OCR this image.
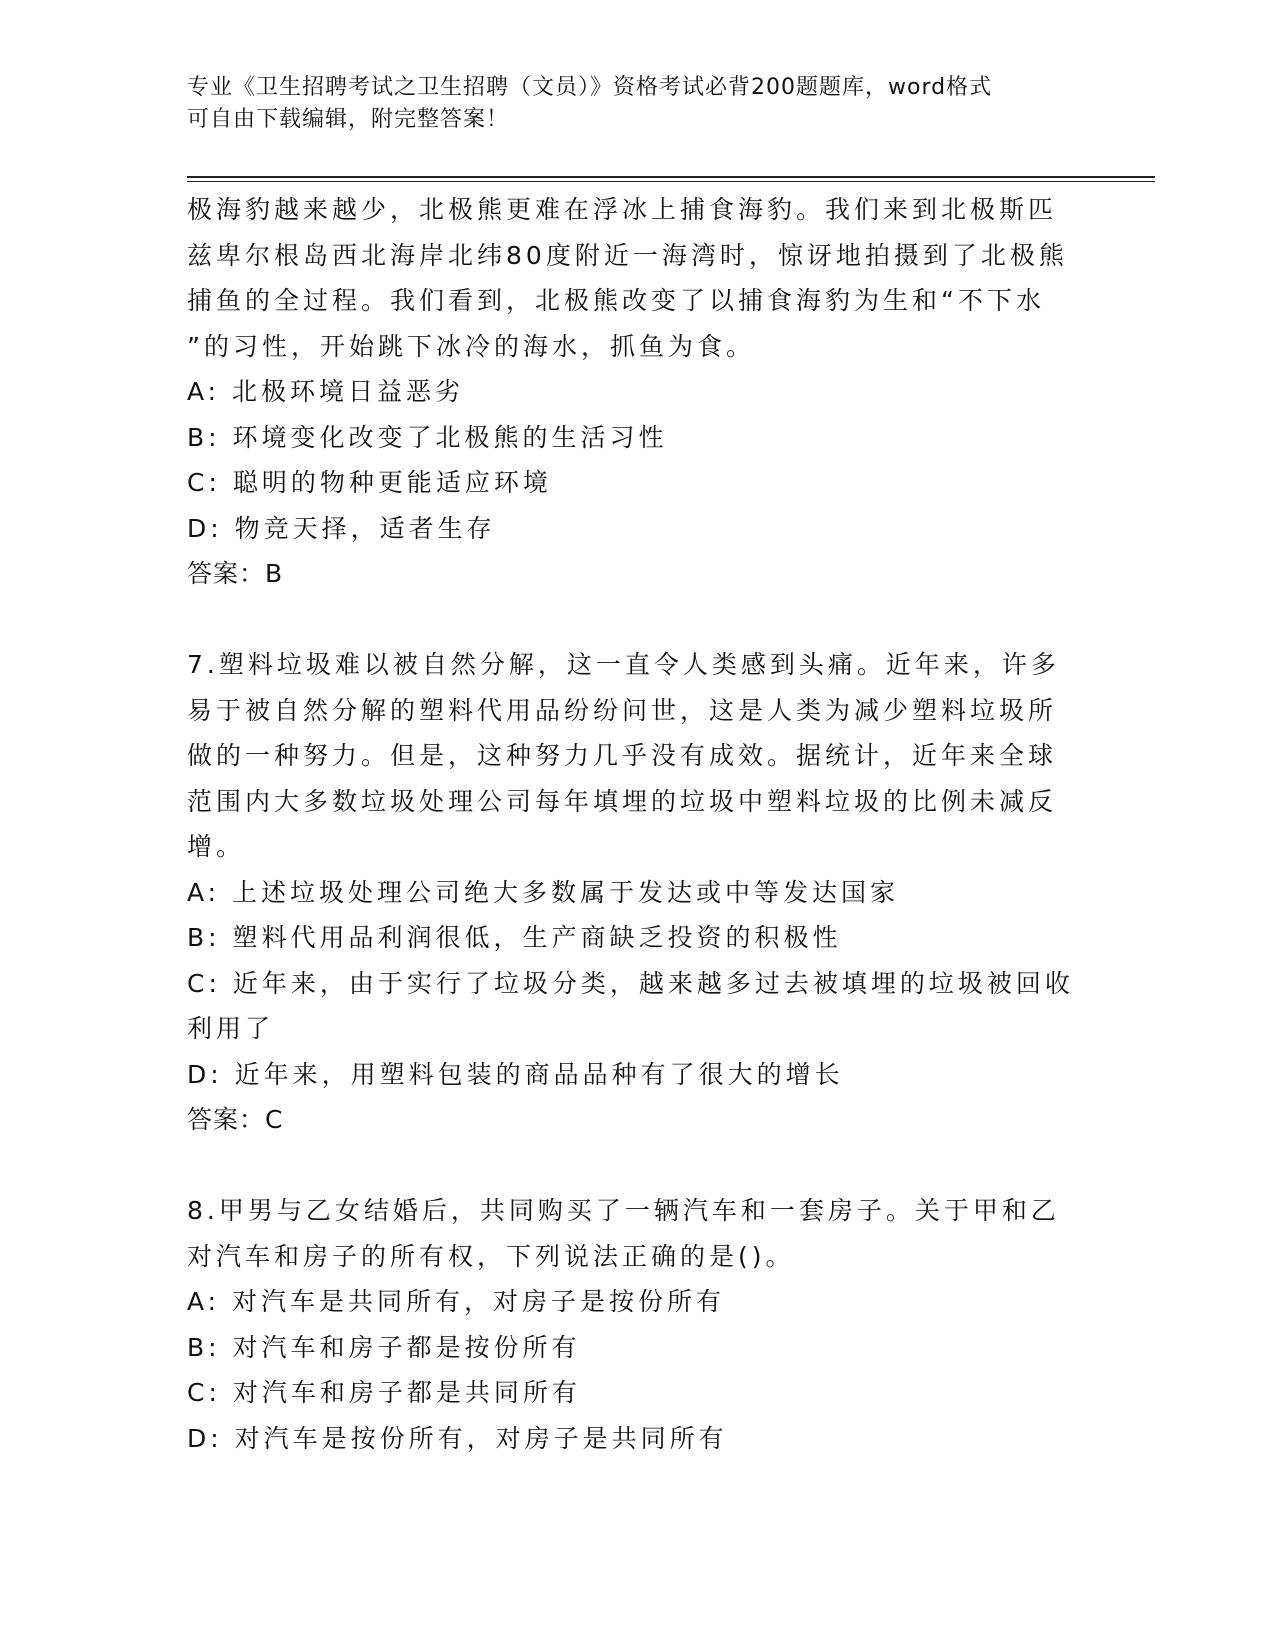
专业《卫生招聘考试之卫生招聘（文员）》资格考试必背200题题库，word格式
可自由下载编辑，附完整答案！
极海豹越来越少，北极熊更难在浮冰上捕食海豹。我们来到北极斯匹
兹卑尔根岛西北海岸北纬80度附近一海湾时，惊讶地拍摄到了北极熊
捕鱼的全过程。我们看到，北极熊改变了以捕食海豹为生和“不下水
”的习性，开始跳下冰冷的海水，抓鱼为食。
A: 北极环境日益恶劣
B: 环境变化改变了北极熊的生活习性
C: 聪明的物种更能适应环境
D: 物竞天择，适者生存
答案：B
7.塑料垃圾难以被自然分解，这一直令人类感到头痛。近年来，许多
易于被自然分解的塑料代用品纷纷问世，这是人类为减少塑料垃圾所
做的一种努力。但是，这种努力几乎没有成效。据统计，近年来全球
范围内大多数垃圾处理公司每年填埋的垃圾中塑料垃圾的比例未减反
增。
A: 上述垃圾处理公司绝大多数属于发达或中等发达国家
B: 塑料代用品利润很低，生产商缺乏投资的积极性
C: 近年来，由于实行了垃圾分类，越来越多过去被填埋的垃圾被回收
利用了
D: 近年来，用塑料包装的商品品种有了很大的增长
答案：C
8.甲男与乙女结婚后，共同购买了一辆汽车和一套房子。关于甲和乙
对汽车和房子的所有权，下列说法正确的是()。
A: 对汽车是共同所有，对房子是按份所有
B: 对汽车和房子都是按份所有
C: 对汽车和房子都是共同所有
D: 对汽车是按份所有，对房子是共同所有
